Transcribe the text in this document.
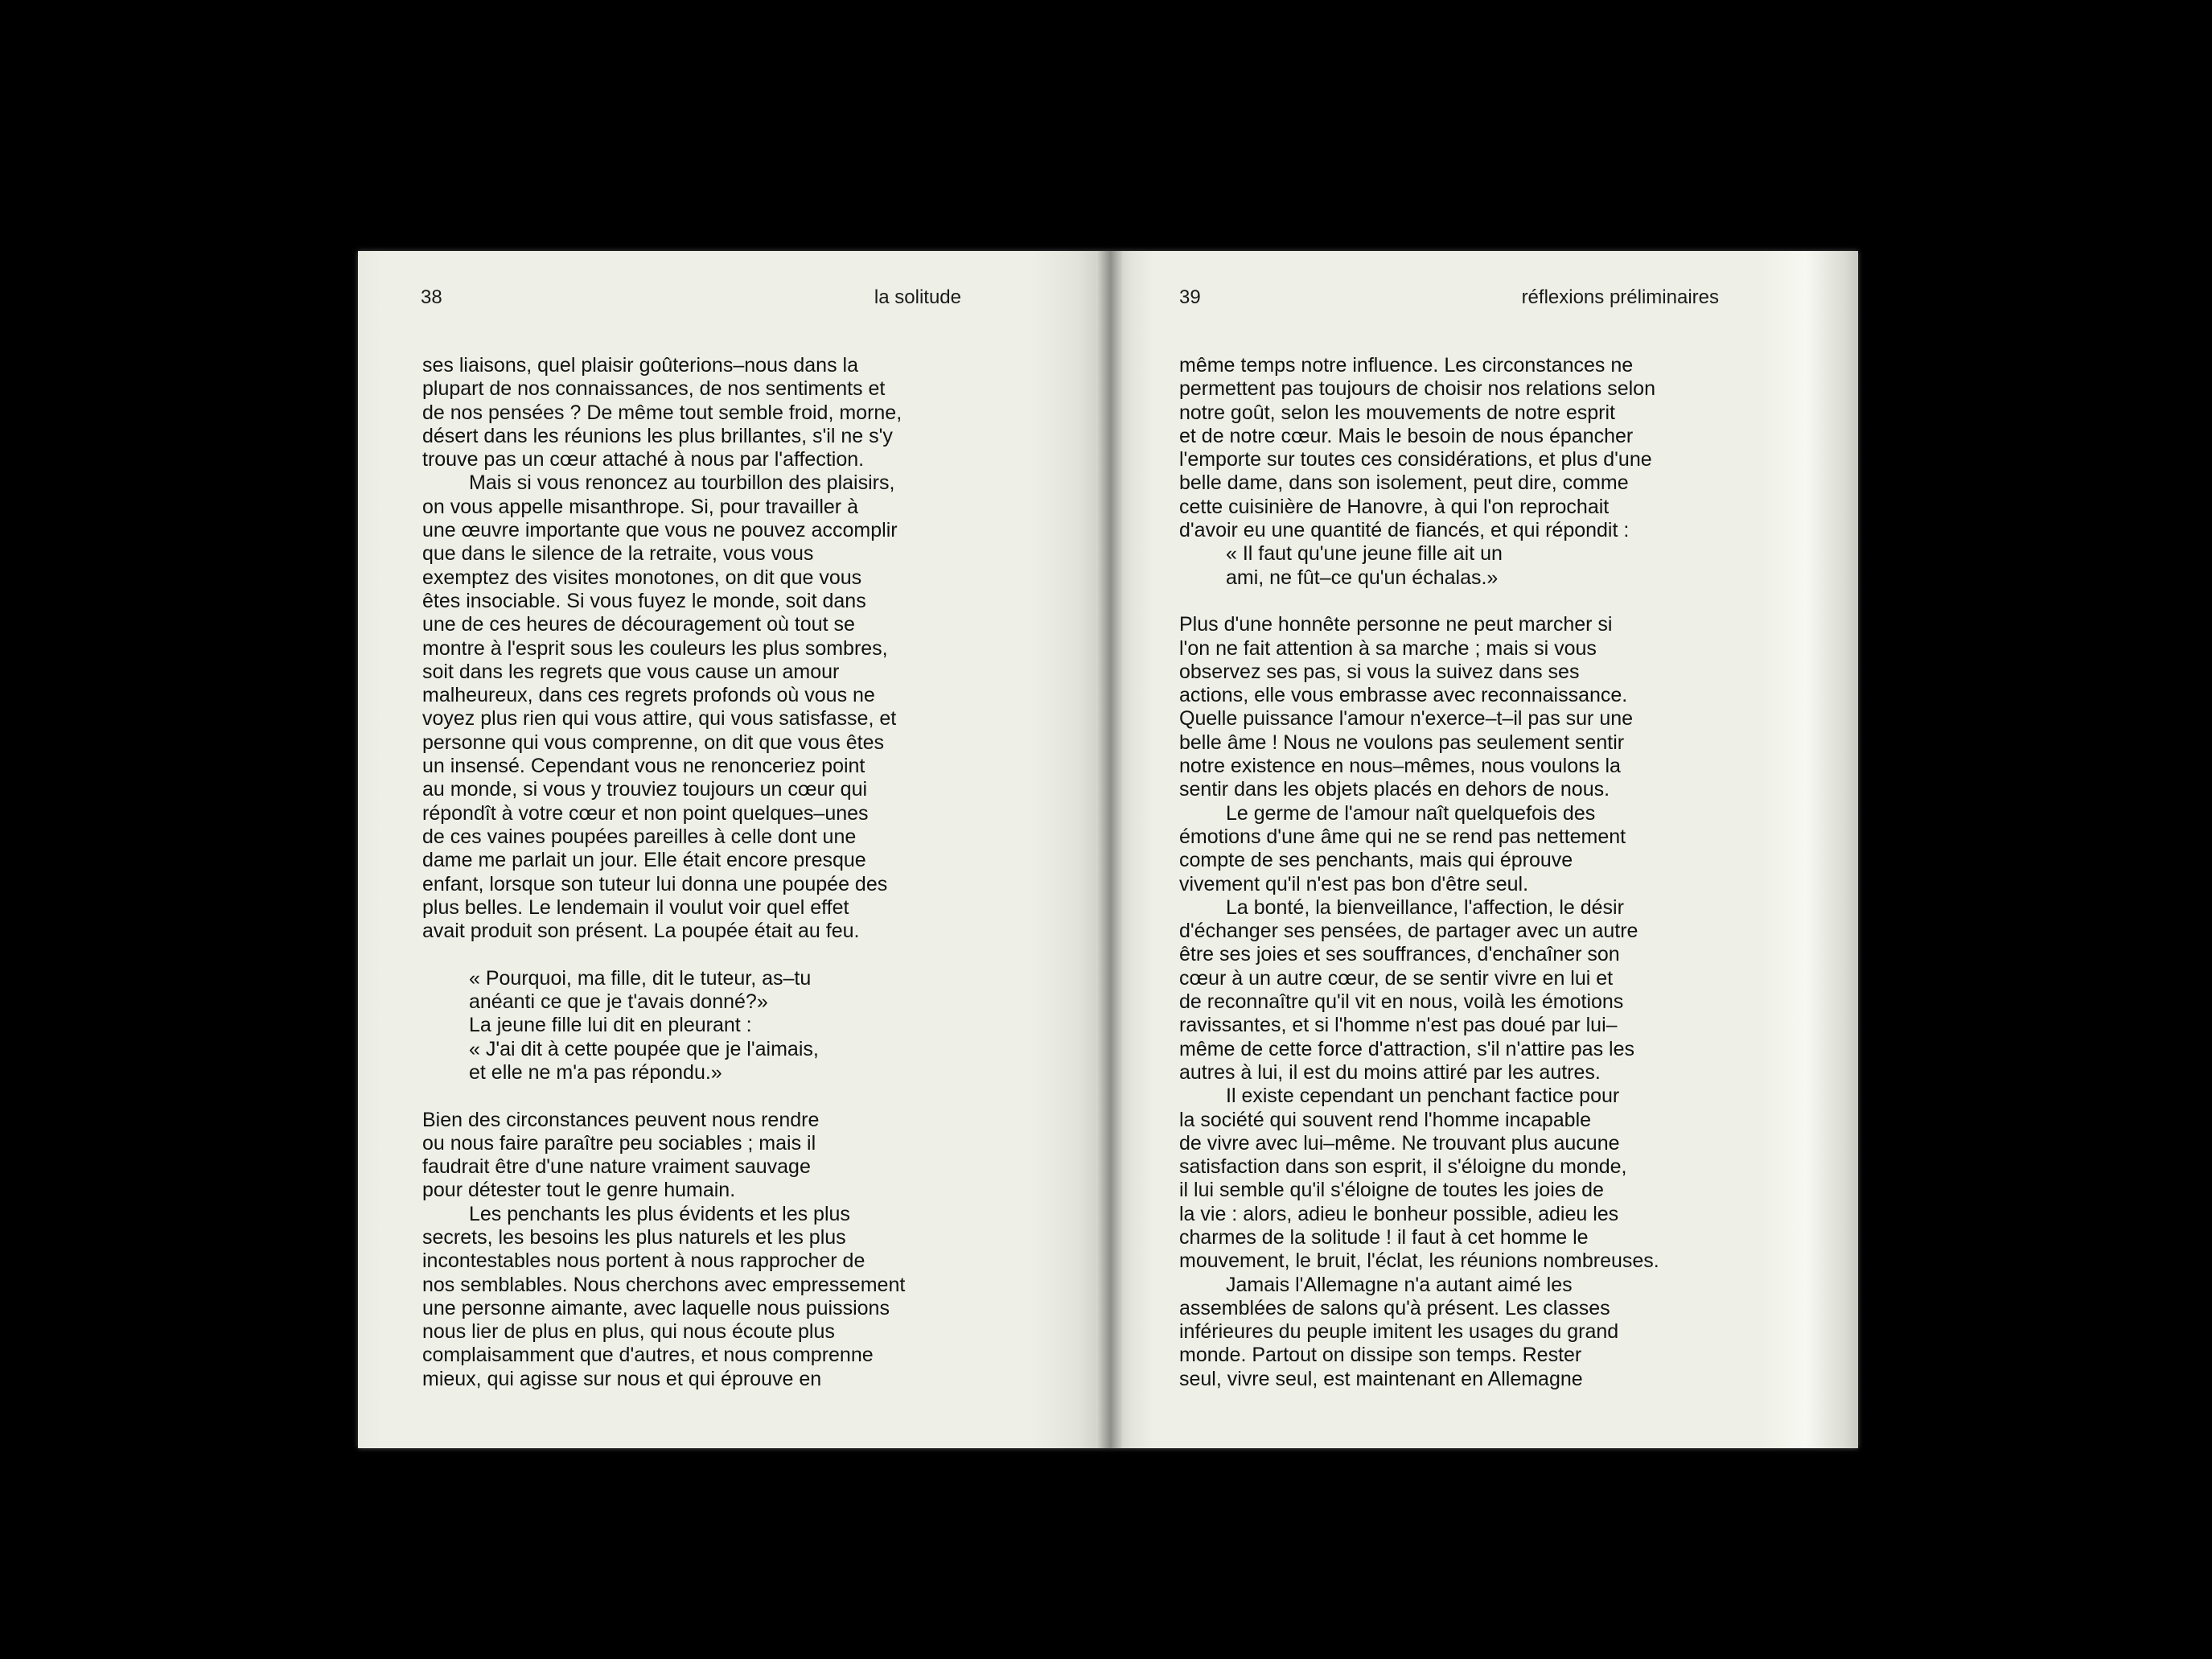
38	la solitude
ses liaisons, quel plaisir goûterions–nous dans la
plupart de nos connaissances, de nos sentiments et
de nos pensées ? De même tout semble froid, morne,
désert dans les réunions les plus brillantes, s'il ne s'y
trouve pas un cœur attaché à nous par l'affection.
Mais si vous renoncez au tourbillon des plaisirs,
on vous appelle misanthrope. Si, pour travailler à
une œuvre importante que vous ne pouvez accomplir
que dans le silence de la retraite, vous vous
exemptez des visites monotones, on dit que vous
êtes insociable. Si vous fuyez le monde, soit dans
une de ces heures de découragement où tout se
montre à l'esprit sous les couleurs les plus sombres,
soit dans les regrets que vous cause un amour
malheureux, dans ces regrets profonds où vous ne
voyez plus rien qui vous attire, qui vous satisfasse, et
personne qui vous comprenne, on dit que vous êtes
un insensé. Cependant vous ne renonceriez point
au monde, si vous y trouviez toujours un cœur qui
répondît à votre cœur et non point quelques–unes
de ces vaines poupées pareilles à celle dont une
dame me parlait un jour. Elle était encore presque
enfant, lorsque son tuteur lui donna une poupée des
plus belles. Le lendemain il voulut voir quel effet
avait produit son présent. La poupée était au feu.
« Pourquoi, ma fille, dit le tuteur, as–tu
anéanti ce que je t'avais donné?»
La jeune fille lui dit en pleurant :
« J'ai dit à cette poupée que je l'aimais,
et elle ne m'a pas répondu.»
Bien des circonstances peuvent nous rendre
ou nous faire paraître peu sociables ; mais il
faudrait être d'une nature vraiment sauvage
pour détester tout le genre humain.
Les penchants les plus évidents et les plus
secrets, les besoins les plus naturels et les plus
incontestables nous portent à nous rapprocher de
nos semblables. Nous cherchons avec empressement
une personne aimante, avec laquelle nous puissions
nous lier de plus en plus, qui nous écoute plus
complaisamment que d'autres, et nous comprenne
mieux, qui agisse sur nous et qui éprouve en
39	réflexions préliminaires
même temps notre influence. Les circonstances ne
permettent pas toujours de choisir nos relations selon
notre goût, selon les mouvements de notre esprit
et de notre cœur. Mais le besoin de nous épancher
l'emporte sur toutes ces considérations, et plus d'une
belle dame, dans son isolement, peut dire, comme
cette cuisinière de Hanovre, à qui l'on reprochait
d'avoir eu une quantité de fiancés, et qui répondit :
« Il faut qu'une jeune fille ait un
ami, ne fût–ce qu'un échalas.»
Plus d'une honnête personne ne peut marcher si
l'on ne fait attention à sa marche ; mais si vous
observez ses pas, si vous la suivez dans ses
actions, elle vous embrasse avec reconnaissance.
Quelle puissance l'amour n'exerce–t–il pas sur une
belle âme ! Nous ne voulons pas seulement sentir
notre existence en nous–mêmes, nous voulons la
sentir dans les objets placés en dehors de nous.
Le germe de l'amour naît quelquefois des
émotions d'une âme qui ne se rend pas nettement
compte de ses penchants, mais qui éprouve
vivement qu'il n'est pas bon d'être seul.
La bonté, la bienveillance, l'affection, le désir
d'échanger ses pensées, de partager avec un autre
être ses joies et ses souffrances, d'enchaîner son
cœur à un autre cœur, de se sentir vivre en lui et
de reconnaître qu'il vit en nous, voilà les émotions
ravissantes, et si l'homme n'est pas doué par lui–
même de cette force d'attraction, s'il n'attire pas les
autres à lui, il est du moins attiré par les autres.
Il existe cependant un penchant factice pour
la société qui souvent rend l'homme incapable
de vivre avec lui–même. Ne trouvant plus aucune
satisfaction dans son esprit, il s'éloigne du monde,
il lui semble qu'il s'éloigne de toutes les joies de
la vie : alors, adieu le bonheur possible, adieu les
charmes de la solitude ! il faut à cet homme le
mouvement, le bruit, l'éclat, les réunions nombreuses.
Jamais l'Allemagne n'a autant aimé les
assemblées de salons qu'à présent. Les classes
inférieures du peuple imitent les usages du grand
monde. Partout on dissipe son temps. Rester
seul, vivre seul, est maintenant en Allemagne
